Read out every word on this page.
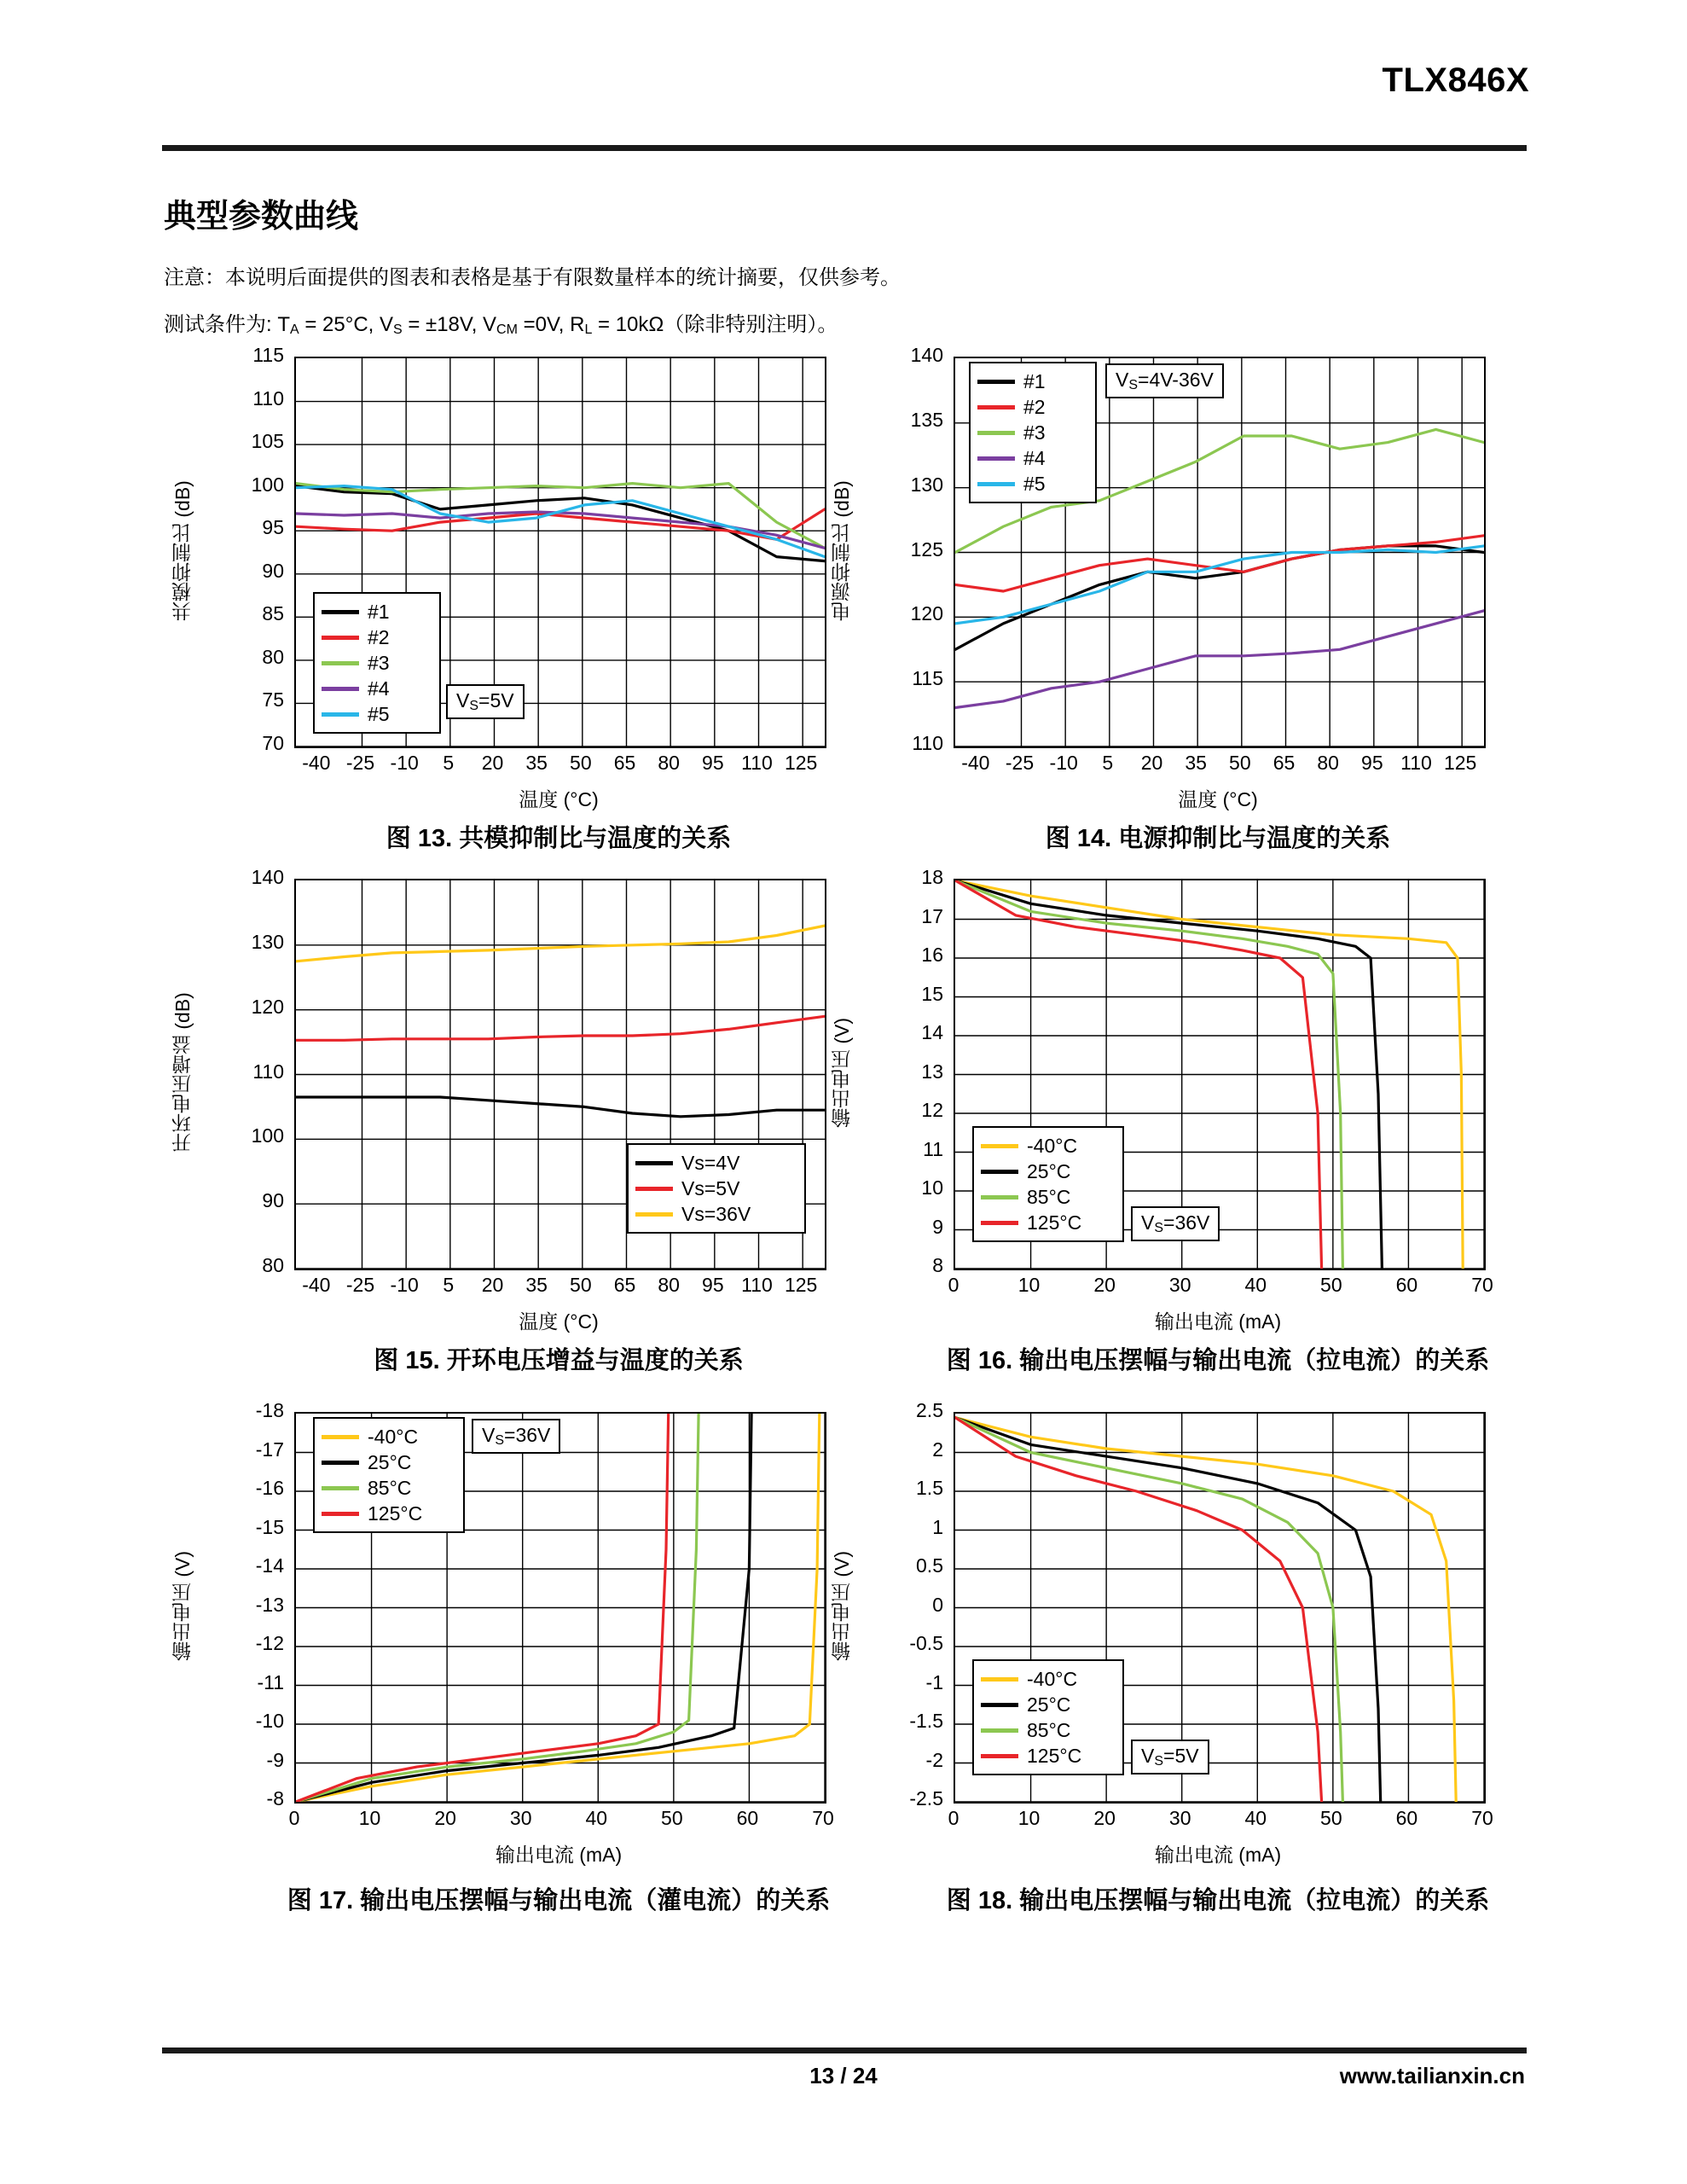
TLX846X
典型参数曲线
注意：本说明后面提供的图表和表格是基于有限数量样本的统计摘要，仅供参考。
测试条件为: TA = 25°C, VS = ±18V, VCM =0V, RL = 10kΩ（除非特别注明）。
70
75
80
85
90
95
100
105
110
115
-40 -25 -10	5	20	35	50	65	80	95 110 125
温度 (°C)
共模抑制比 (dB)	#1
#2
#3
#4
#5
VS=5V
图 13. 共模抑制比与温度的关系
110
115
120
125
130
135
140
-40 -25 -10	5	20	35	50	65	80	95 110 125
温度 (°C)
电源抑制比 (dB)
#1
#2
#3
#4
#5
VS=4V-36V
图 14. 电源抑制比与温度的关系
80
90
100
110
120
130
140
-40 -25 -10	5	20	35	50	65	80	95 110 125
温度 (°C)
开环电压增益 (dB)
Vs=4V
Vs=5V
Vs=36V
图 15. 开环电压增益与温度的关系
8
9
10
11
12
13
14
15
16
17
18
0	10	20	30	40	50	60	70
输出电流 (mA)
输出电压 (V)
-40°C
25°C
85°C
125°C	VS=36V
图 16. 输出电压摆幅与输出电流（拉电流）的关系
-8
-9
-10
-11
-12
-13
-14
-15
-16
-17
-18
0	10	20	30	40	50	60	70
输出电流 (mA)
输出电压 (V)
-40°C
25°C
85°C
125°C
VS=36V
图 17. 输出电压摆幅与输出电流（灌电流）的关系
-2.5
-2
-1.5
-1
-0.5
0
0.5
1
1.5
2
2.5
0	10	20	30	40	50	60	70
输出电流 (mA)
输出电压 (V)
-40°C
25°C
85°C
125°C	VS=5V
图 18. 输出电压摆幅与输出电流（拉电流）的关系
13 / 24	www.tailianxin.cn
